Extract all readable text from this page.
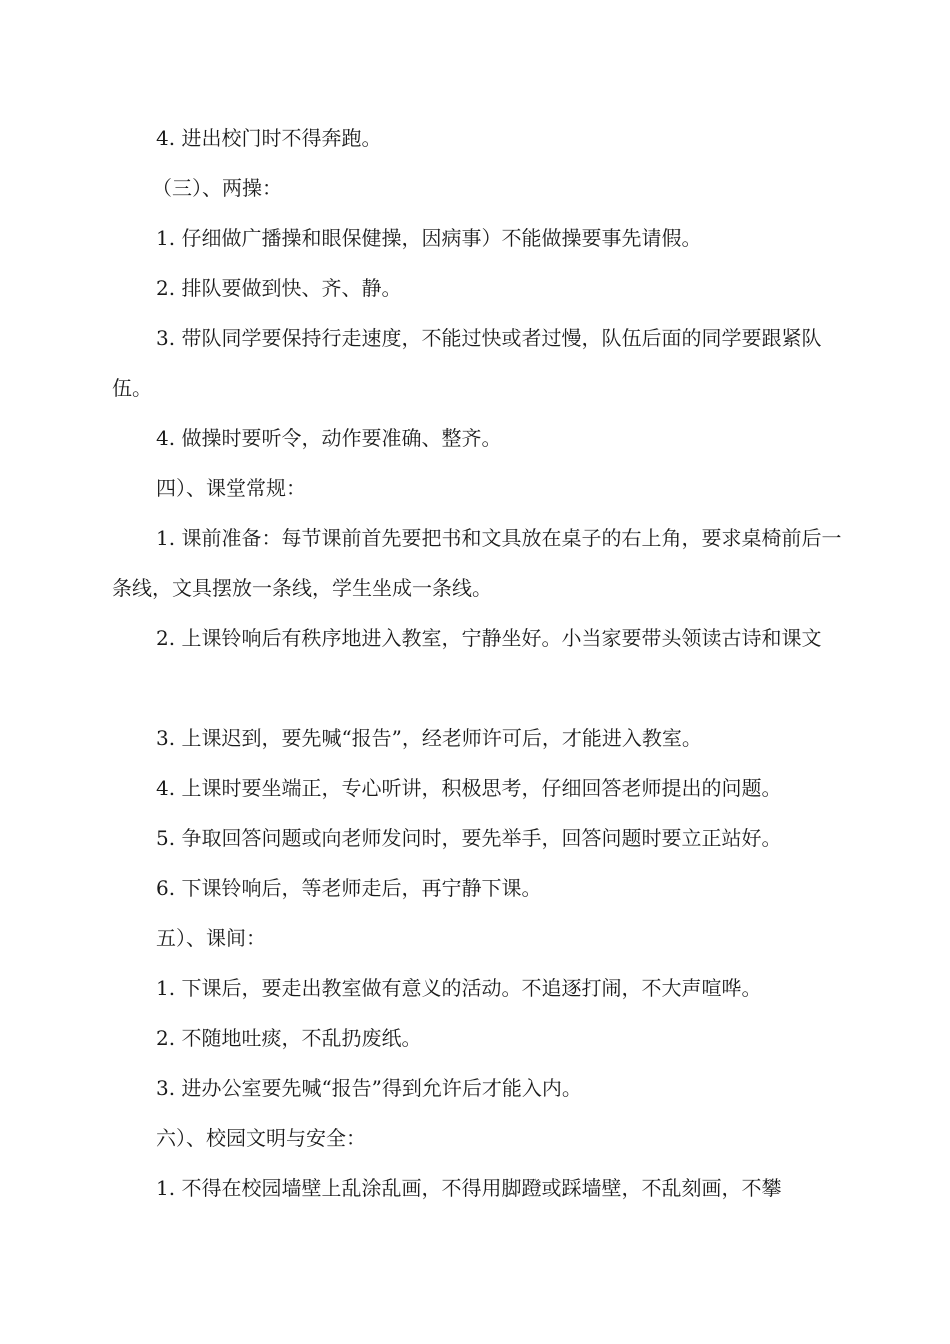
4. 进出校门时不得奔跑。

（三）、两操：

1. 仔细做广播操和眼保健操，因病事）不能做操要事先请假。

2. 排队要做到快、齐、静。

3. 带队同学要保持行走速度，不能过快或者过慢，队伍后面的同学要跟紧队伍。

4. 做操时要听令，动作要准确、整齐。

四）、课堂常规：

1. 课前准备：每节课前首先要把书和文具放在桌子的右上角，要求桌椅前后一条线，文具摆放一条线，学生坐成一条线。

2. 上课铃响后有秩序地进入教室，宁静坐好。小当家要带头领读古诗和课文

3. 上课迟到，要先喊“报告”，经老师许可后，才能进入教室。

4. 上课时要坐端正，专心听讲，积极思考，仔细回答老师提出的问题。

5. 争取回答问题或向老师发问时，要先举手，回答问题时要立正站好。

6. 下课铃响后，等老师走后，再宁静下课。

五）、课间：

1. 下课后，要走出教室做有意义的活动。不追逐打闹，不大声喧哗。

2. 不随地吐痰，不乱扔废纸。

3. 进办公室要先喊“报告”得到允许后才能入内。

六）、校园文明与安全：

1. 不得在校园墙壁上乱涂乱画，不得用脚蹬或踩墙壁，不乱刻画，不攀
